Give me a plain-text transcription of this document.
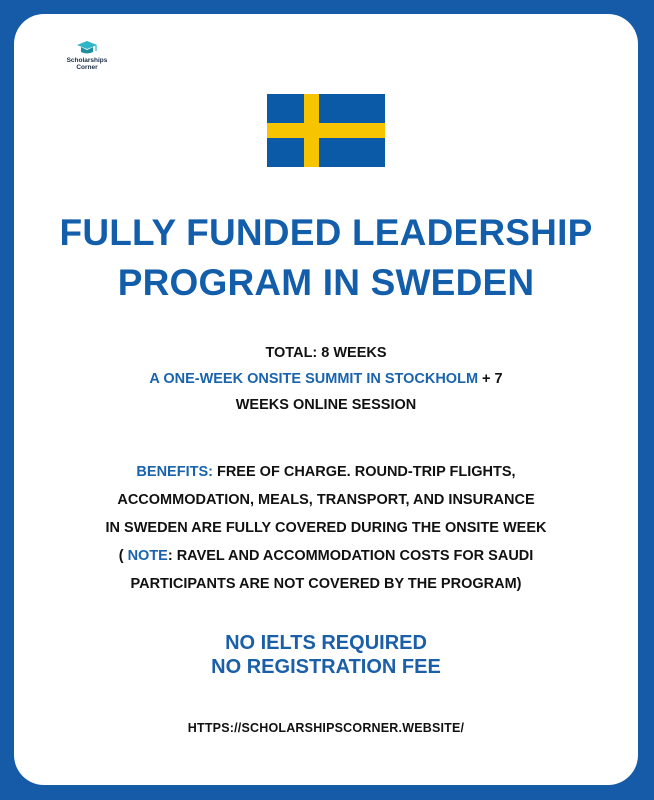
Scholarships
Corner
FULLY FUNDED LEADERSHIP
PROGRAM IN SWEDEN
TOTAL: 8 WEEKS
A ONE-WEEK ONSITE SUMMIT IN STOCKHOLM + 7
WEEKS ONLINE SESSION
BENEFITS: FREE OF CHARGE. ROUND-TRIP FLIGHTS,
ACCOMMODATION, MEALS, TRANSPORT, AND INSURANCE
IN SWEDEN ARE FULLY COVERED DURING THE ONSITE WEEK
( NOTE: RAVEL AND ACCOMMODATION COSTS FOR SAUDI
PARTICIPANTS ARE NOT COVERED BY THE PROGRAM)
NO IELTS REQUIRED
NO REGISTRATION FEE
HTTPS://SCHOLARSHIPSCORNER.WEBSITE/
